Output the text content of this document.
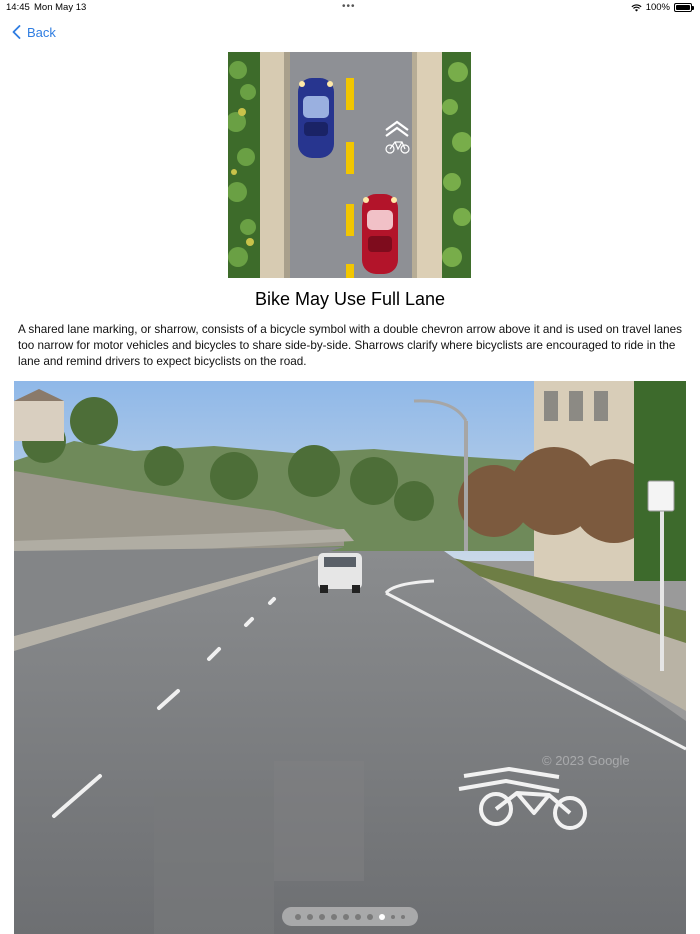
14:45 Mon May 13	•••	100%
Back
Bike May Use Full Lane

A shared lane marking, or sharrow, consists of a bicycle symbol with a double chevron arrow above it and is used on travel lanes too narrow for motor vehicles and bicycles to share side-by-side. Sharrows clarify where bicyclists are encouraged to ride in the lane and remind drivers to expect bicyclists on the road.

© 2023 Google
